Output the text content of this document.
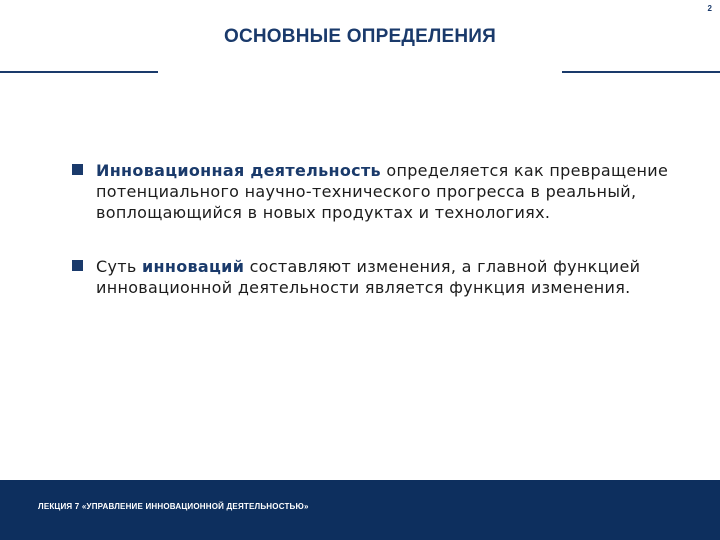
2
ОСНОВНЫЕ ОПРЕДЕЛЕНИЯ
Инновационная деятельность определяется как превращение потенциального научно-технического прогресса в реальный, воплощающийся в новых продуктах и технологиях.
Суть инноваций составляют изменения, а главной функцией инновационной деятельности является функция изменения.
ЛЕКЦИЯ 7 «УПРАВЛЕНИЕ ИННОВАЦИОННОЙ ДЕЯТЕЛЬНОСТЬЮ»
